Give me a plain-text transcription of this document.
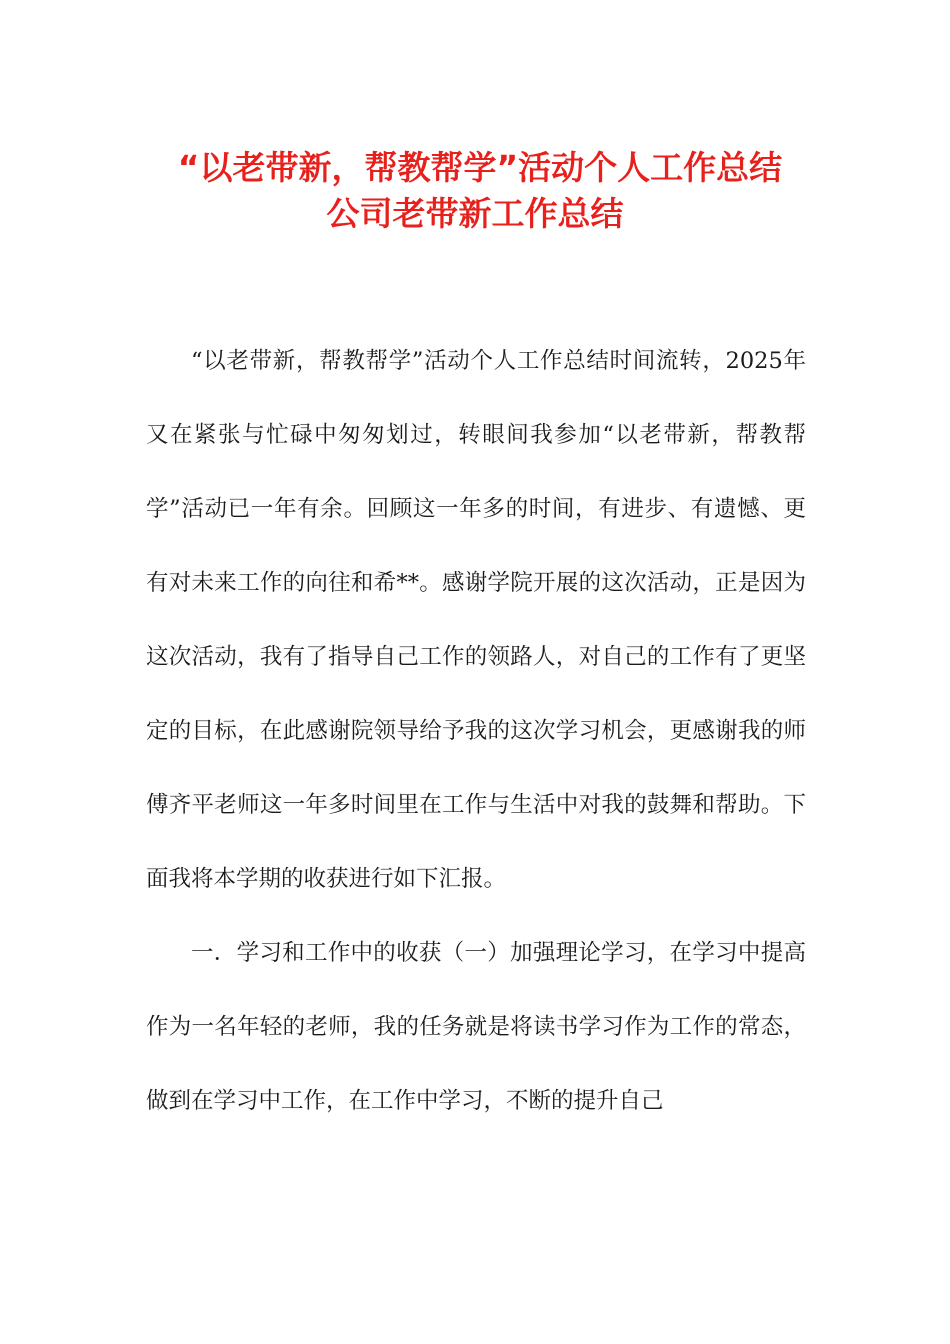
“以老带新，帮教帮学”活动个人工作总结
公司老带新工作总结

“以老带新，帮教帮学”活动个人工作总结时间流转，2025年又在紧张与忙碌中匆匆划过，转眼间我参加“以老带新，帮教帮学”活动已一年有余。回顾这一年多的时间，有进步、有遗憾、更有对未来工作的向往和希**。感谢学院开展的这次活动，正是因为这次活动，我有了指导自己工作的领路人，对自己的工作有了更坚定的目标，在此感谢院领导给予我的这次学习机会，更感谢我的师傅齐平老师这一年多时间里在工作与生活中对我的鼓舞和帮助。下面我将本学期的收获进行如下汇报。

一．学习和工作中的收获（一）加强理论学习，在学习中提高作为一名年轻的老师，我的任务就是将读书学习作为工作的常态，做到在学习中工作，在工作中学习，不断的提升自己
